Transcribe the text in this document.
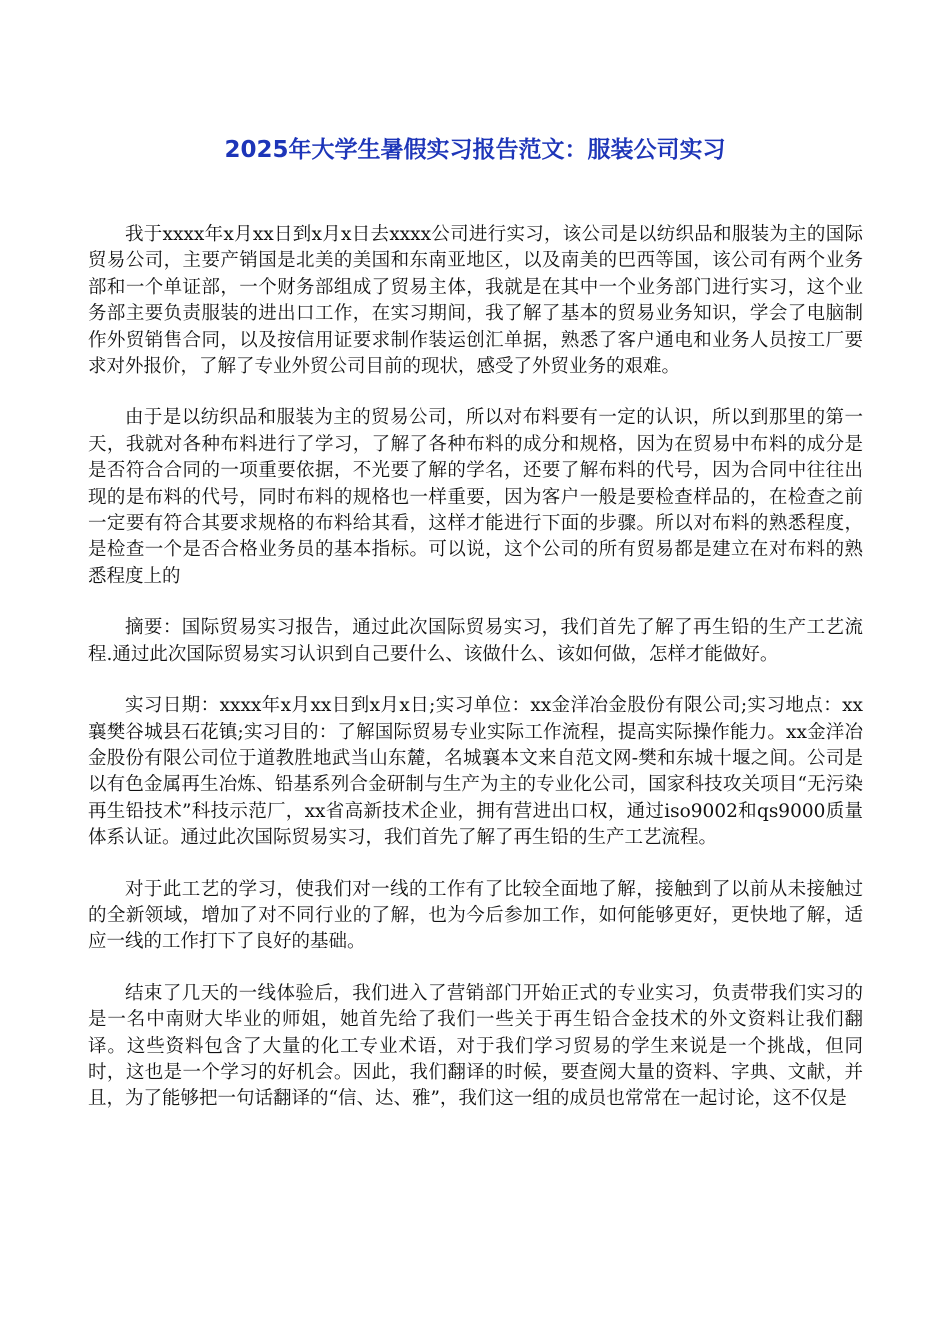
2025年大学生暑假实习报告范文：服装公司实习

我于xxxx年x月xx日到x月x日去xxxx公司进行实习，该公司是以纺织品和服装为主的国际贸易公司，主要产销国是北美的美国和东南亚地区，以及南美的巴西等国，该公司有两个业务部和一个单证部，一个财务部组成了贸易主体，我就是在其中一个业务部门进行实习，这个业务部主要负责服装的进出口工作，在实习期间，我了解了基本的贸易业务知识，学会了电脑制作外贸销售合同，以及按信用证要求制作装运创汇单据，熟悉了客户通电和业务人员按工厂要求对外报价，了解了专业外贸公司目前的现状，感受了外贸业务的艰难。

由于是以纺织品和服装为主的贸易公司，所以对布料要有一定的认识，所以到那里的第一天，我就对各种布料进行了学习，了解了各种布料的成分和规格，因为在贸易中布料的成分是是否符合合同的一项重要依据，不光要了解的学名，还要了解布料的代号，因为合同中往往出现的是布料的代号，同时布料的规格也一样重要，因为客户一般是要检查样品的，在检查之前一定要有符合其要求规格的布料给其看，这样才能进行下面的步骤。所以对布料的熟悉程度，是检查一个是否合格业务员的基本指标。可以说，这个公司的所有贸易都是建立在对布料的熟悉程度上的

摘要：国际贸易实习报告，通过此次国际贸易实习，我们首先了解了再生铅的生产工艺流程.通过此次国际贸易实习认识到自己要什么、该做什么、该如何做，怎样才能做好。

实习日期：xxxx年x月xx日到x月x日;实习单位：xx金洋冶金股份有限公司;实习地点：xx襄樊谷城县石花镇;实习目的：了解国际贸易专业实际工作流程，提高实际操作能力。xx金洋冶金股份有限公司位于道教胜地武当山东麓，名城襄本文来自范文网-樊和东城十堰之间。公司是以有色金属再生冶炼、铅基系列合金研制与生产为主的专业化公司，国家科技攻关项目“无污染再生铅技术”科技示范厂，xx省高新技术企业，拥有营进出口权，通过iso9002和qs9000质量体系认证。通过此次国际贸易实习，我们首先了解了再生铅的生产工艺流程。

对于此工艺的学习，使我们对一线的工作有了比较全面地了解，接触到了以前从未接触过的全新领域，增加了对不同行业的了解，也为今后参加工作，如何能够更好，更快地了解，适应一线的工作打下了良好的基础。

结束了几天的一线体验后，我们进入了营销部门开始正式的专业实习，负责带我们实习的是一名中南财大毕业的师姐，她首先给了我们一些关于再生铅合金技术的外文资料让我们翻译。这些资料包含了大量的化工专业术语，对于我们学习贸易的学生来说是一个挑战，但同时，这也是一个学习的好机会。因此，我们翻译的时候，要查阅大量的资料、字典、文献，并且，为了能够把一句话翻译的“信、达、雅”，我们这一组的成员也常常在一起讨论，这不仅是
